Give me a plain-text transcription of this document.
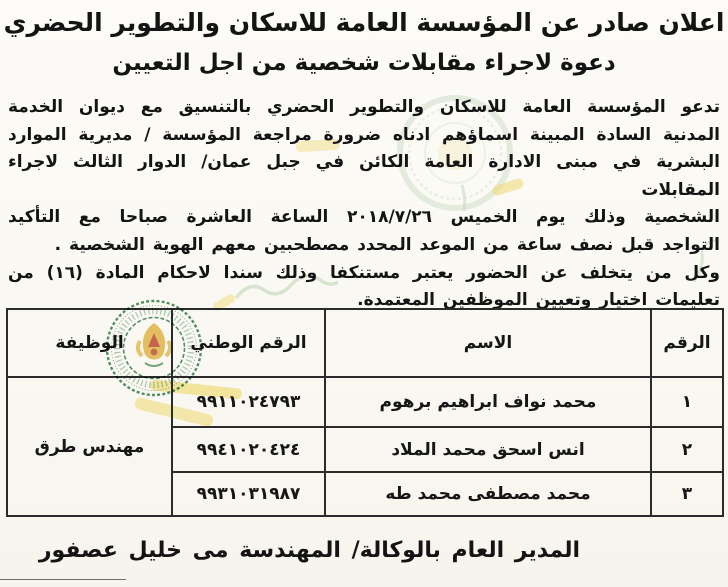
اعلان صادر عن المؤسسة العامة للاسكان والتطوير الحضري
دعوة لاجراء مقابلات شخصية من اجل التعيين
تدعو المؤسسة العامة للاسكان والتطوير الحضري بالتنسيق مع ديوان الخدمة
المدنية السادة المبينة اسماؤهم ادناه ضرورة مراجعة المؤسسة / مديرية الموارد
البشرية في مبنى الادارة العامة الكائن في جبل عمان/ الدوار الثالث لاجراء المقابلات
الشخصية وذلك يوم الخميس ٢٠١٨/٧/٢٦ الساعة العاشرة صباحا مع التأكيد
التواجد قبل نصف ساعة من الموعد المحدد مصطحبين معهم الهوية الشخصية .
وكل من يتخلف عن الحضور يعتبر مستنكفا وذلك سندا لاحكام المادة (١٦) من
تعليمات اختيار وتعيين الموظفين المعتمدة.
الرقم	الاسم	الرقم الوطني	الوظيفة
١	محمد نواف ابراهيم برهوم	٩٩١١٠٢٤٧٩٣	مهندس طرق
٢	انس اسحق محمد الملاد	٩٩٤١٠٢٠٤٢٤	
٣	محمد مصطفى محمد طه	٩٩٣١٠٣١٩٨٧	
المدير العام بالوكالة/ المهندسة مى خليل عصفور
